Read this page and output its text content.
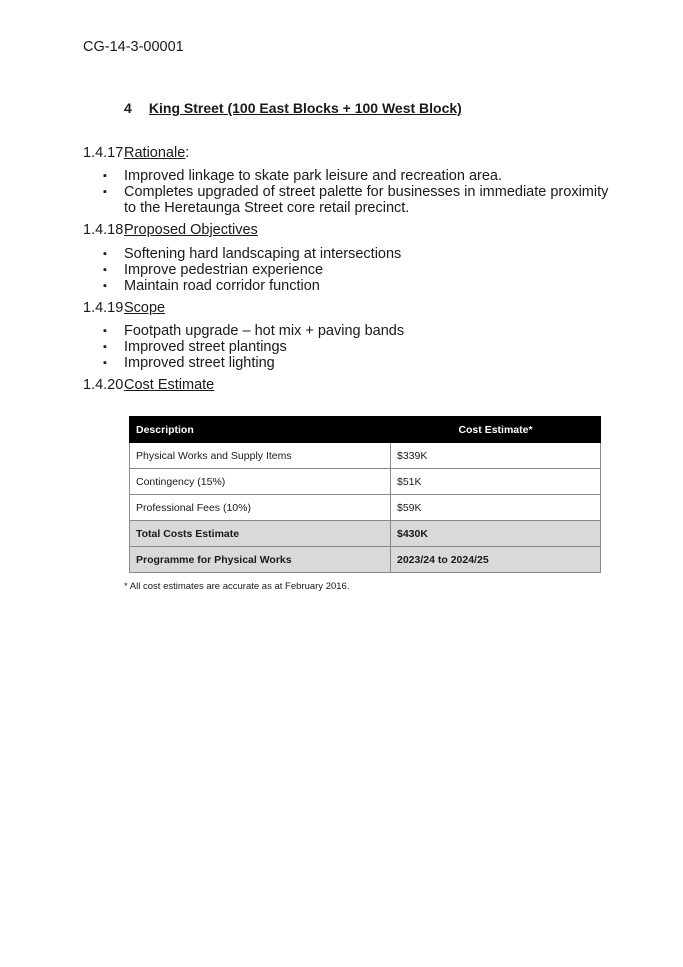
CG-14-3-00001
4 King Street (100 East Blocks + 100 West Block)
1.4.17Rationale:
▪ Improved linkage to skate park leisure and recreation area.
▪ Completes upgraded of street palette for businesses in immediate proximity to the Heretaunga Street core retail precinct.
1.4.18Proposed Objectives
▪ Softening hard landscaping at intersections
▪ Improve pedestrian experience
▪ Maintain road corridor function
1.4.19Scope
▪ Footpath upgrade – hot mix + paving bands
▪ Improved street plantings
▪ Improved street lighting
1.4.20Cost Estimate
Description	Cost Estimate*
Physical Works and Supply Items	$339K
Contingency (15%)	$51K
Professional Fees (10%)	$59K
Total Costs Estimate	$430K
Programme for Physical Works	2023/24 to 2024/25
* All cost estimates are accurate as at February 2016.
